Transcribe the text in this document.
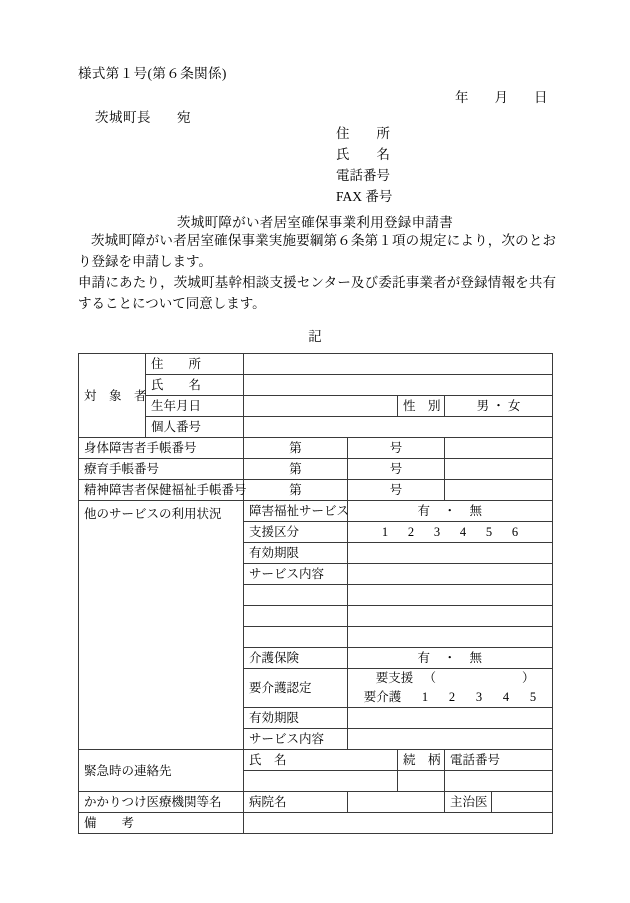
様式第１号(第６条関係)
年 月 日
茨城町長 宛
住　　所
氏　　名
電話番号
FAX 番号
茨城町障がい者居室確保事業利用登録申請書

茨城町障がい者居室確保事業実施要綱第６条第１項の規定により，次のとおり登録を申請します。

申請にあたり，茨城町基幹相談支援センター及び委託事業者が登録情報を共有することについて同意します。

記
対　象　者	住　　所					
	氏　　名					
	生年月日			性　別	男 ・ 女	
	個人番号					
身体障害者手帳番号		第	号			
療育手帳番号		第	号			
精神障害者保健福祉手帳番号		第	号			
他のサービスの利用状況		障害福祉サービス	有　・　無			
		支援区分	1 2 3 4 5 6			
		有効期限				
		サービス内容				

		介護保険	有　・　無			
		要介護認定	要支援 （ ）
要介護 1 2 3 4 5			

		有効期限				
		サービス内容				
緊急時の連絡先		氏　名		続　柄	電話番号	

かかりつけ医療機関等名		病院名			主治医	
備　　考						
